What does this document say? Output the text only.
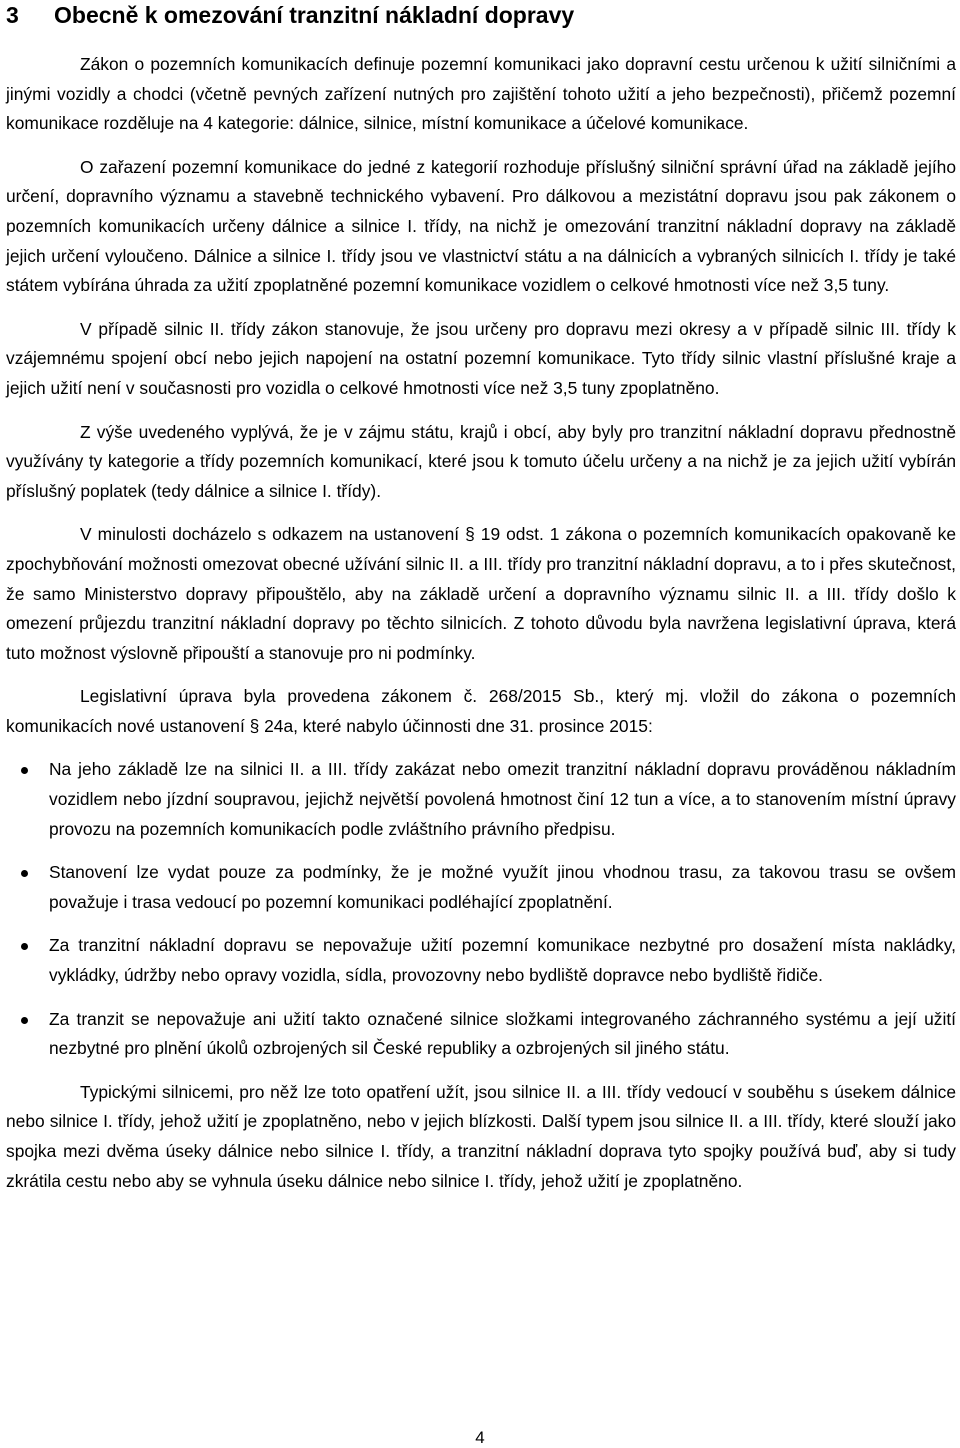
3 Obecně k omezování tranzitní nákladní dopravy

Zákon o pozemních komunikacích definuje pozemní komunikaci jako dopravní cestu určenou k užití silničními a jinými vozidly a chodci (včetně pevných zařízení nutných pro zajištění tohoto užití a jeho bezpečnosti), přičemž pozemní komunikace rozděluje na 4 kategorie: dálnice, silnice, místní komunikace a účelové komunikace.

O zařazení pozemní komunikace do jedné z kategorií rozhoduje příslušný silniční správní úřad na základě jejího určení, dopravního významu a stavebně technického vybavení. Pro dálkovou a mezistátní dopravu jsou pak zákonem o pozemních komunikacích určeny dálnice a silnice I. třídy, na nichž je omezování tranzitní nákladní dopravy na základě jejich určení vyloučeno. Dálnice a silnice I. třídy jsou ve vlastnictví státu a na dálnicích a vybraných silnicích I. třídy je také státem vybírána úhrada za užití zpoplatněné pozemní komunikace vozidlem o celkové hmotnosti více než 3,5 tuny.

V případě silnic II. třídy zákon stanovuje, že jsou určeny pro dopravu mezi okresy a v případě silnic III. třídy k vzájemnému spojení obcí nebo jejich napojení na ostatní pozemní komunikace. Tyto třídy silnic vlastní příslušné kraje a jejich užití není v současnosti pro vozidla o celkové hmotnosti více než 3,5 tuny zpoplatněno.

Z výše uvedeného vyplývá, že je v zájmu státu, krajů i obcí, aby byly pro tranzitní nákladní dopravu přednostně využívány ty kategorie a třídy pozemních komunikací, které jsou k tomuto účelu určeny a na nichž je za jejich užití vybírán příslušný poplatek (tedy dálnice a silnice I. třídy).

V minulosti docházelo s odkazem na ustanovení § 19 odst. 1 zákona o pozemních komunikacích opakovaně ke zpochybňování možnosti omezovat obecné užívání silnic II. a III. třídy pro tranzitní nákladní dopravu, a to i přes skutečnost, že samo Ministerstvo dopravy připouštělo, aby na základě určení a dopravního významu silnic II. a III. třídy došlo k omezení průjezdu tranzitní nákladní dopravy po těchto silnicích. Z tohoto důvodu byla navržena legislativní úprava, která tuto možnost výslovně připouští a stanovuje pro ni podmínky.

Legislativní úprava byla provedena zákonem č. 268/2015 Sb., který mj. vložil do zákona o pozemních komunikacích nové ustanovení § 24a, které nabylo účinnosti dne 31. prosince 2015:

Na jeho základě lze na silnici II. a III. třídy zakázat nebo omezit tranzitní nákladní dopravu prováděnou nákladním vozidlem nebo jízdní soupravou, jejichž největší povolená hmotnost činí 12 tun a více, a to stanovením místní úpravy provozu na pozemních komunikacích podle zvláštního právního předpisu.
Stanovení lze vydat pouze za podmínky, že je možné využít jinou vhodnou trasu, za takovou trasu se ovšem považuje i trasa vedoucí po pozemní komunikaci podléhající zpoplatnění.
Za tranzitní nákladní dopravu se nepovažuje užití pozemní komunikace nezbytné pro dosažení místa nakládky, vykládky, údržby nebo opravy vozidla, sídla, provozovny nebo bydliště dopravce nebo bydliště řidiče.
Za tranzit se nepovažuje ani užití takto označené silnice složkami integrovaného záchranného systému a její užití nezbytné pro plnění úkolů ozbrojených sil České republiky a ozbrojených sil jiného státu.

Typickými silnicemi, pro něž lze toto opatření užít, jsou silnice II. a III. třídy vedoucí v souběhu s úsekem dálnice nebo silnice I. třídy, jehož užití je zpoplatněno, nebo v jejich blízkosti. Další typem jsou silnice II. a III. třídy, které slouží jako spojka mezi dvěma úseky dálnice nebo silnice I. třídy, a tranzitní nákladní doprava tyto spojky používá buď, aby si tudy zkrátila cestu nebo aby se vyhnula úseku dálnice nebo silnice I. třídy, jehož užití je zpoplatněno.

4
